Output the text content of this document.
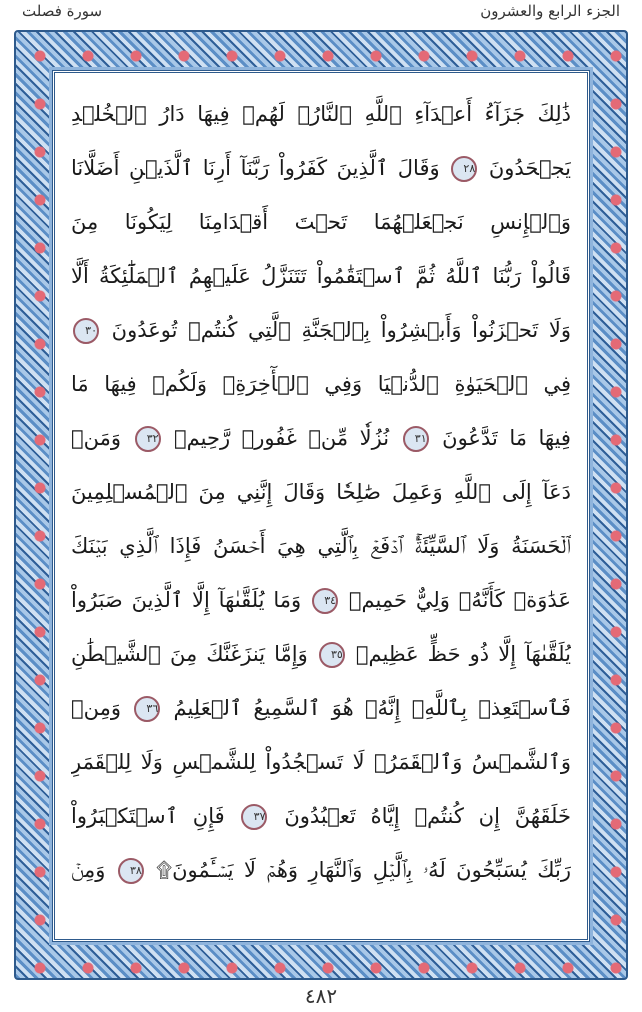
الجزء الرابع والعشرون
سورة فصلت
ذَٰلِكَ جَزَآءُ أَعۡدَآءِ ٱللَّهِ ٱلنَّارُۖ لَهُمۡ فِيهَا دَارُ ٱلۡخُلۡدِ
يَجۡحَدُونَ ٢٨ وَقَالَ ٱلَّذِينَ كَفَرُواْ رَبَّنَآ أَرِنَا ٱلَّذَيۡنِ أَضَلَّانَا
وَٱلۡإِنسِ نَجۡعَلۡهُمَا تَحۡتَ أَقۡدَامِنَا لِيَكُونَا مِنَ
قَالُواْ رَبُّنَا ٱللَّهُ ثُمَّ ٱسۡتَقَٰمُواْ تَتَنَزَّلُ عَلَيۡهِمُ ٱلۡمَلَٰٓئِكَةُ أَلَّا
وَلَا تَحۡزَنُواْ وَأَبۡشِرُواْ بِٱلۡجَنَّةِ ٱلَّتِي كُنتُمۡ تُوعَدُونَ ٣٠
فِي ٱلۡحَيَوٰةِ ٱلدُّنۡيَا وَفِي ٱلۡأٓخِرَةِۖ وَلَكُمۡ فِيهَا مَا
فِيهَا مَا تَدَّعُونَ ٣١ نُزُلٗا مِّنۡ غَفُورٖ رَّحِيمٖ ٣٢ وَمَنۡ
دَعَآ إِلَى ٱللَّهِ وَعَمِلَ صَٰلِحٗا وَقَالَ إِنَّنِي مِنَ ٱلۡمُسۡلِمِينَ
ٱلۡحَسَنَةُ وَلَا ٱلسَّيِّئَةُۚ ٱدۡفَعۡ بِٱلَّتِي هِيَ أَحۡسَنُ فَإِذَا ٱلَّذِي بَيۡنَكَ
عَدَٰوَةٞ كَأَنَّهُۥ وَلِيٌّ حَمِيمٞ ٣٤ وَمَا يُلَقَّىٰهَآ إِلَّا ٱلَّذِينَ صَبَرُواْ
يُلَقَّىٰهَآ إِلَّا ذُو حَظٍّ عَظِيمٖ ٣٥ وَإِمَّا يَنزَغَنَّكَ مِنَ ٱلشَّيۡطَٰنِ
فَٱسۡتَعِذۡ بِٱللَّهِۖ إِنَّهُۥ هُوَ ٱلسَّمِيعُ ٱلۡعَلِيمُ ٣٦ وَمِنۡ
وَٱلشَّمۡسُ وَٱلۡقَمَرُۚ لَا تَسۡجُدُواْ لِلشَّمۡسِ وَلَا لِلۡقَمَرِ
خَلَقَهُنَّ إِن كُنتُمۡ إِيَّاهُ تَعۡبُدُونَ ٣٧ فَإِنِ ٱسۡتَكۡبَرُواْ
رَبِّكَ يُسَبِّحُونَ لَهُۥ بِٱلَّيۡلِ وَٱلنَّهَارِ وَهُمۡ لَا يَسۡـَٔمُونَ۩ ٣٨ وَمِنۡ
٤٨٢
